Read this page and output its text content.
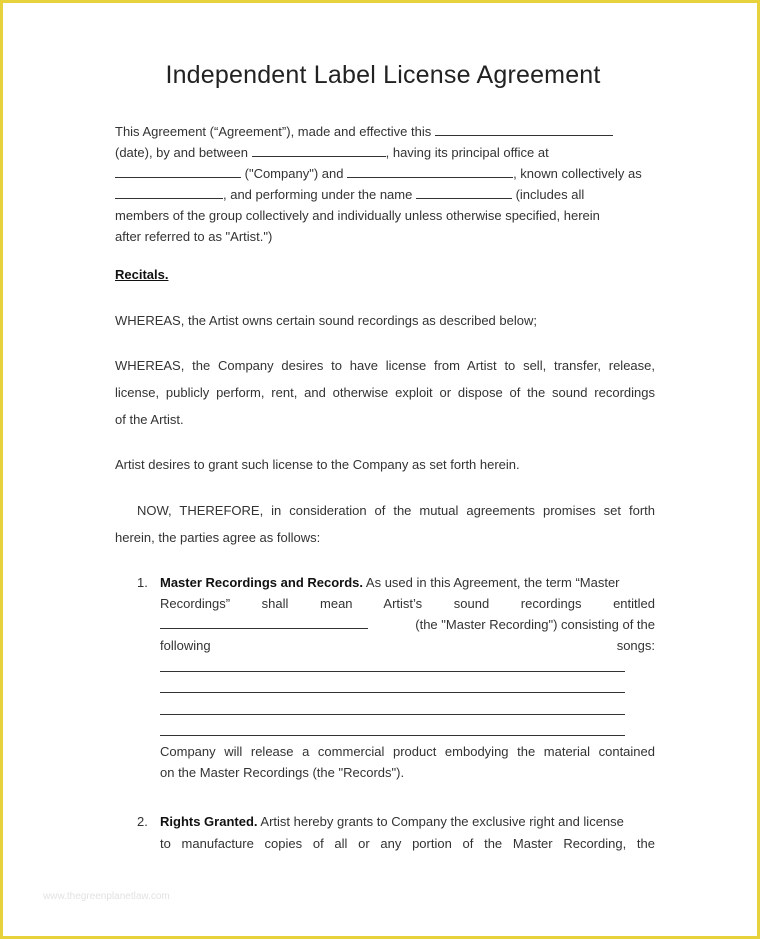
Independent Label License Agreement
This Agreement (“Agreement”), made and effective this
(date), by and between	, having its principal office at
("Company") and	, known collectively as
, and performing under the name	(includes all
members of the group collectively and individually unless otherwise specified, herein
after referred to as "Artist.")
Recitals.
WHEREAS, the Artist owns certain sound recordings as described below;
WHEREAS, the Company desires to have license from Artist to sell, transfer, release,
license, publicly perform, rent, and otherwise exploit or dispose of the sound recordings
of the Artist.
Artist desires to grant such license to the Company as set forth herein.
NOW, THEREFORE, in consideration of the mutual agreements promises set forth
herein, the parties agree as follows:
1. Master Recordings and Records. As used in this Agreement, the term “Master
Recordings” shall mean Artist’s sound recordings entitled
(the "Master Recording") consisting of the
following	songs:
Company will release a commercial product embodying the material contained
on the Master Recordings (the "Records").
2. Rights Granted. Artist hereby grants to Company the exclusive right and license
to manufacture copies of all or any portion of the Master Recording, the
www.thegreenplanetlaw.com
